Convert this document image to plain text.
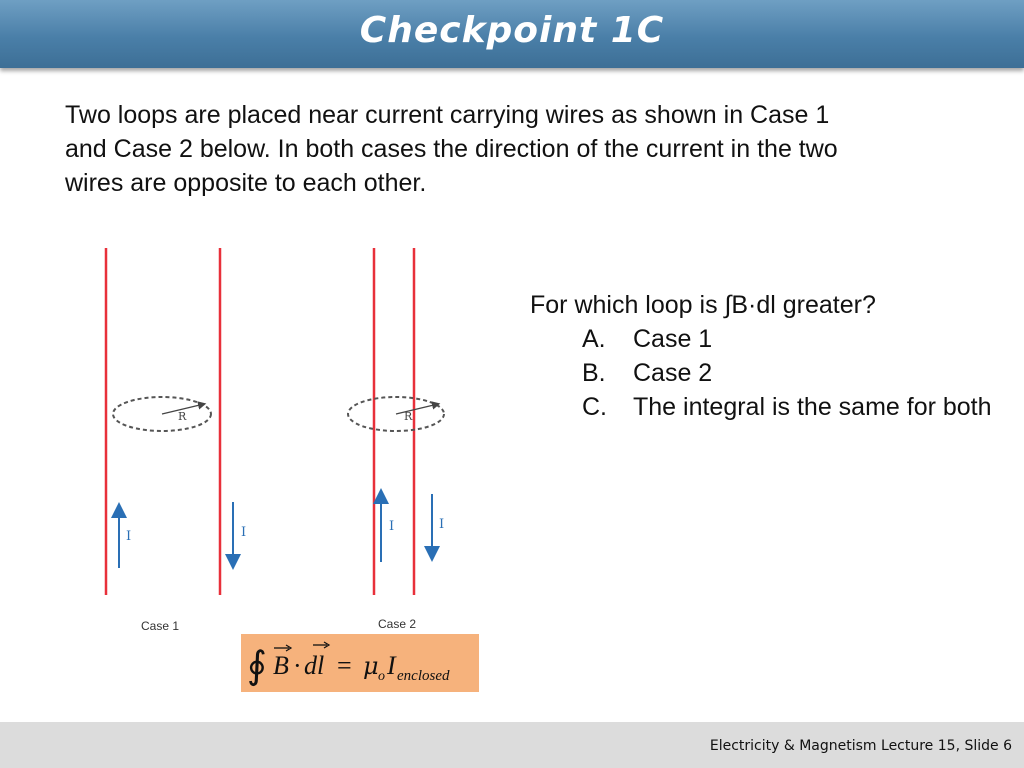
Checkpoint 1C
Two loops are placed near current carrying wires as shown in Case 1 and Case 2 below. In both cases the direction of the current in the two wires are opposite to each other.
For which loop is ∫B·dl greater?
A. Case 1
B. Case 2
C. The integral is the same for both
R
I	I
Case 1
R
I	I
Case 2
∮ B · dl = μ o I enclosed
Electricity & Magnetism Lecture 15, Slide 6
